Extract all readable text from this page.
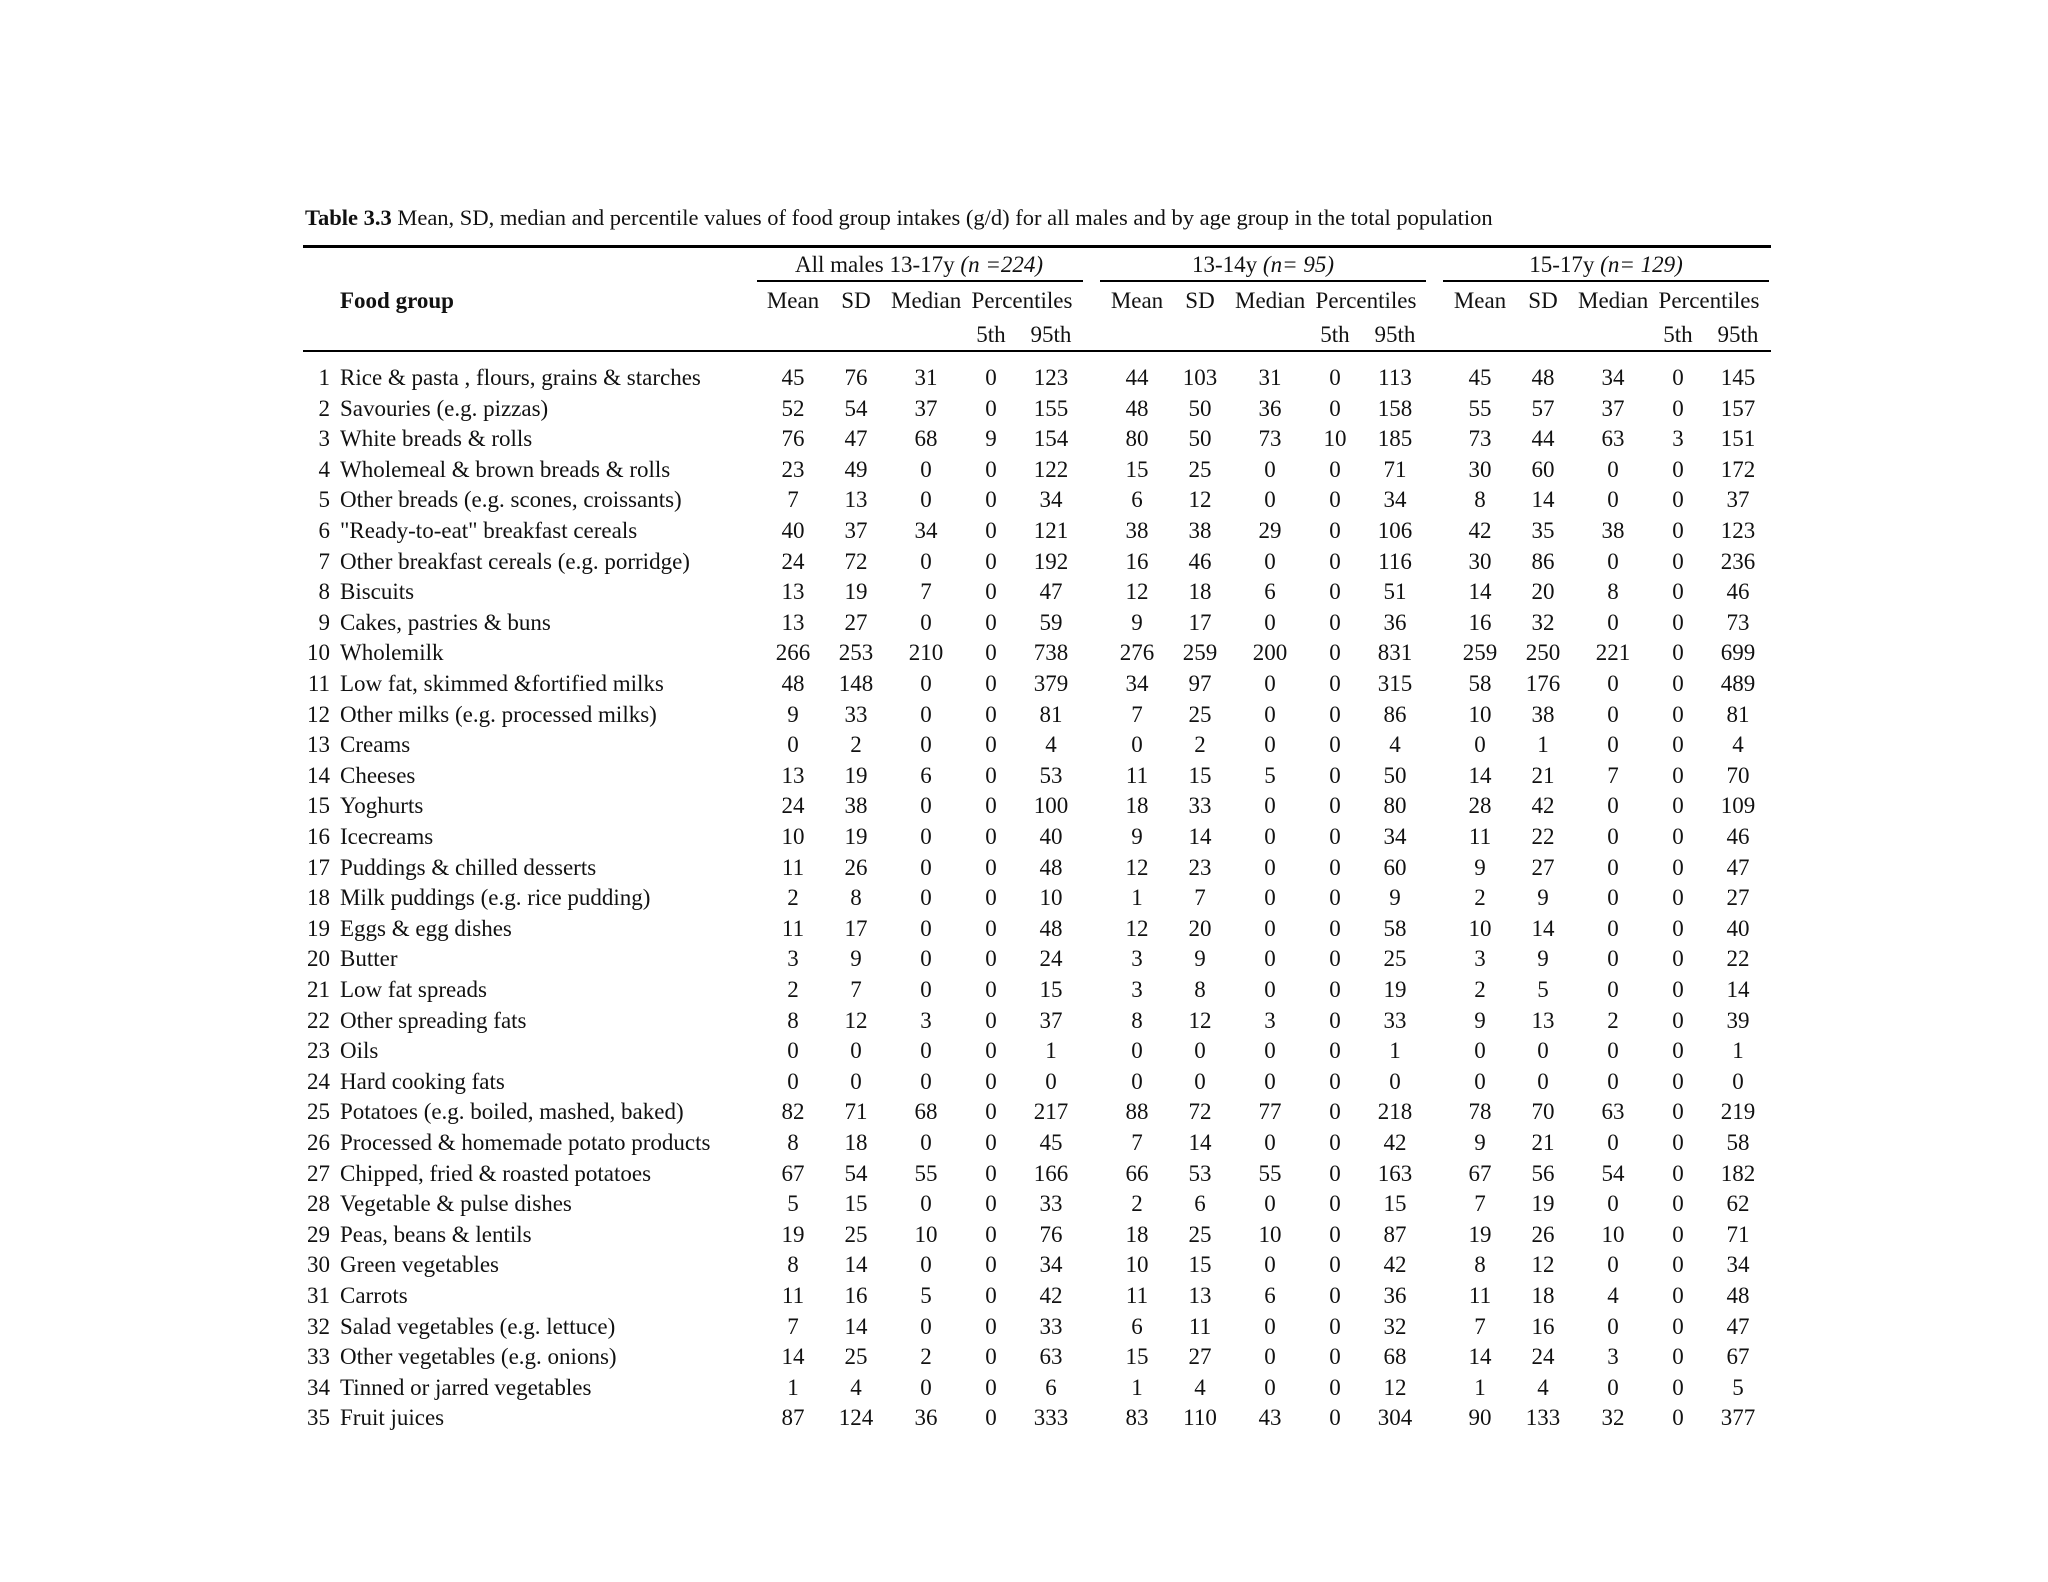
Table 3.3 Mean, SD, median and percentile values of food group intakes (g/d) for all males and by age group in the total population
Food group
All males 13-17y (n =224)
Mean SD Median Percentiles
5th	95th
13-14y (n= 95)
Mean SD Median Percentiles
5th	95th
15-17y (n= 129)
Mean SD Median Percentiles
5th	95th
1 Rice & pasta , flours, grains & starches	45	76	31	0	123	44	103	31	0	113	45	48	34	0	145
2 Savouries (e.g. pizzas)	52	54	37	0	155	48	50	36	0	158	55	57	37	0	157
3 White breads & rolls	76	47	68	9	154	80	50	73	10	185	73	44	63	3	151
4 Wholemeal & brown breads & rolls	23	49	0	0	122	15	25	0	0	71	30	60	0	0	172
5 Other breads (e.g. scones, croissants)	7	13	0	0	34	6	12	0	0	34	8	14	0	0	37
6 "Ready-to-eat" breakfast cereals	40	37	34	0	121	38	38	29	0	106	42	35	38	0	123
7 Other breakfast cereals (e.g. porridge)	24	72	0	0	192	16	46	0	0	116	30	86	0	0	236
8 Biscuits	13	19	7	0	47	12	18	6	0	51	14	20	8	0	46
9 Cakes, pastries & buns	13	27	0	0	59	9	17	0	0	36	16	32	0	0	73
10 Wholemilk	266	253	210	0	738	276	259	200	0	831	259	250	221	0	699
11 Low fat, skimmed &fortified milks	48	148	0	0	379	34	97	0	0	315	58	176	0	0	489
12 Other milks (e.g. processed milks)	9	33	0	0	81	7	25	0	0	86	10	38	0	0	81
13 Creams	0	2	0	0	4	0	2	0	0	4	0	1	0	0	4
14 Cheeses	13	19	6	0	53	11	15	5	0	50	14	21	7	0	70
15 Yoghurts	24	38	0	0	100	18	33	0	0	80	28	42	0	0	109
16 Icecreams	10	19	0	0	40	9	14	0	0	34	11	22	0	0	46
17 Puddings & chilled desserts	11	26	0	0	48	12	23	0	0	60	9	27	0	0	47
18 Milk puddings (e.g. rice pudding)	2	8	0	0	10	1	7	0	0	9	2	9	0	0	27
19 Eggs & egg dishes	11	17	0	0	48	12	20	0	0	58	10	14	0	0	40
20 Butter	3	9	0	0	24	3	9	0	0	25	3	9	0	0	22
21 Low fat spreads	2	7	0	0	15	3	8	0	0	19	2	5	0	0	14
22 Other spreading fats	8	12	3	0	37	8	12	3	0	33	9	13	2	0	39
23 Oils	0	0	0	0	1	0	0	0	0	1	0	0	0	0	1
24 Hard cooking fats	0	0	0	0	0	0	0	0	0	0	0	0	0	0	0
25 Potatoes (e.g. boiled, mashed, baked)	82	71	68	0	217	88	72	77	0	218	78	70	63	0	219
26 Processed & homemade potato products	8	18	0	0	45	7	14	0	0	42	9	21	0	0	58
27 Chipped, fried & roasted potatoes	67	54	55	0	166	66	53	55	0	163	67	56	54	0	182
28 Vegetable & pulse dishes	5	15	0	0	33	2	6	0	0	15	7	19	0	0	62
29 Peas, beans & lentils	19	25	10	0	76	18	25	10	0	87	19	26	10	0	71
30 Green vegetables	8	14	0	0	34	10	15	0	0	42	8	12	0	0	34
31 Carrots	11	16	5	0	42	11	13	6	0	36	11	18	4	0	48
32 Salad vegetables (e.g. lettuce)	7	14	0	0	33	6	11	0	0	32	7	16	0	0	47
33 Other vegetables (e.g. onions)	14	25	2	0	63	15	27	0	0	68	14	24	3	0	67
34 Tinned or jarred vegetables	1	4	0	0	6	1	4	0	0	12	1	4	0	0	5
35 Fruit juices	87	124	36	0	333	83	110	43	0	304	90	133	32	0	377
